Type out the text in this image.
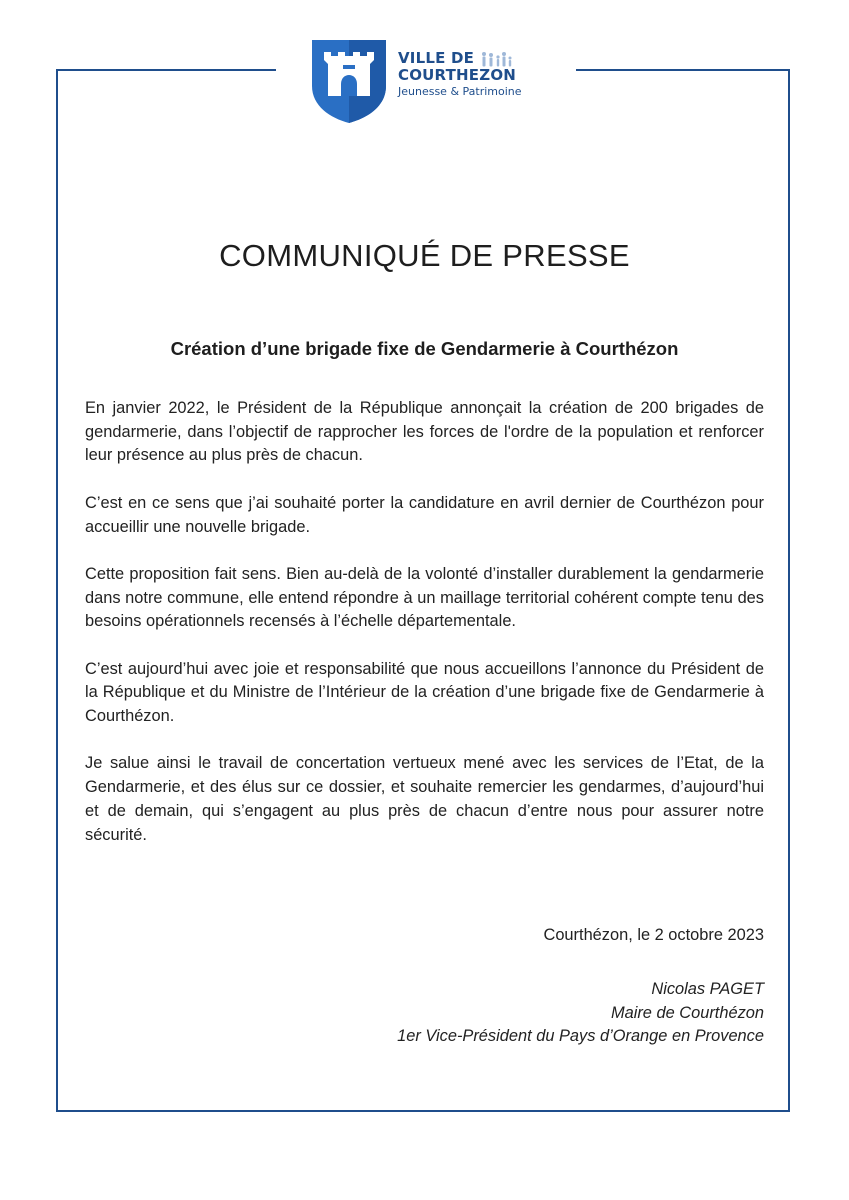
VILLE DE
COURTHEZON
Jeunesse & Patrimoine
COMMUNIQUÉ DE PRESSE
Création d’une brigade fixe de Gendarmerie à Courthézon

En janvier 2022, le Président de la République annonçait la création de 200 brigades de gendarmerie, dans l’objectif de rapprocher les forces de l'ordre de la population et renforcer leur présence au plus près de chacun.

C’est en ce sens que j’ai souhaité porter la candidature en avril dernier de Courthézon pour accueillir une nouvelle brigade.

Cette proposition fait sens. Bien au-delà de la volonté d’installer durablement la gendarmerie dans notre commune, elle entend répondre à un maillage territorial cohérent compte tenu des besoins opérationnels recensés à l’échelle départementale.

C’est aujourd’hui avec joie et responsabilité que nous accueillons l’annonce du Président de la République et du Ministre de l’Intérieur de la création d’une brigade fixe de Gendarmerie à Courthézon.

Je salue ainsi le travail de concertation vertueux mené avec les services de l’Etat, de la Gendarmerie, et des élus sur ce dossier, et souhaite remercier les gendarmes, d’aujourd’hui et de demain, qui s’engagent au plus près de chacun d’entre nous pour assurer notre sécurité.

Courthézon, le 2 octobre 2023
Nicolas PAGET
Maire de Courthézon
1er Vice-Président du Pays d’Orange en Provence
